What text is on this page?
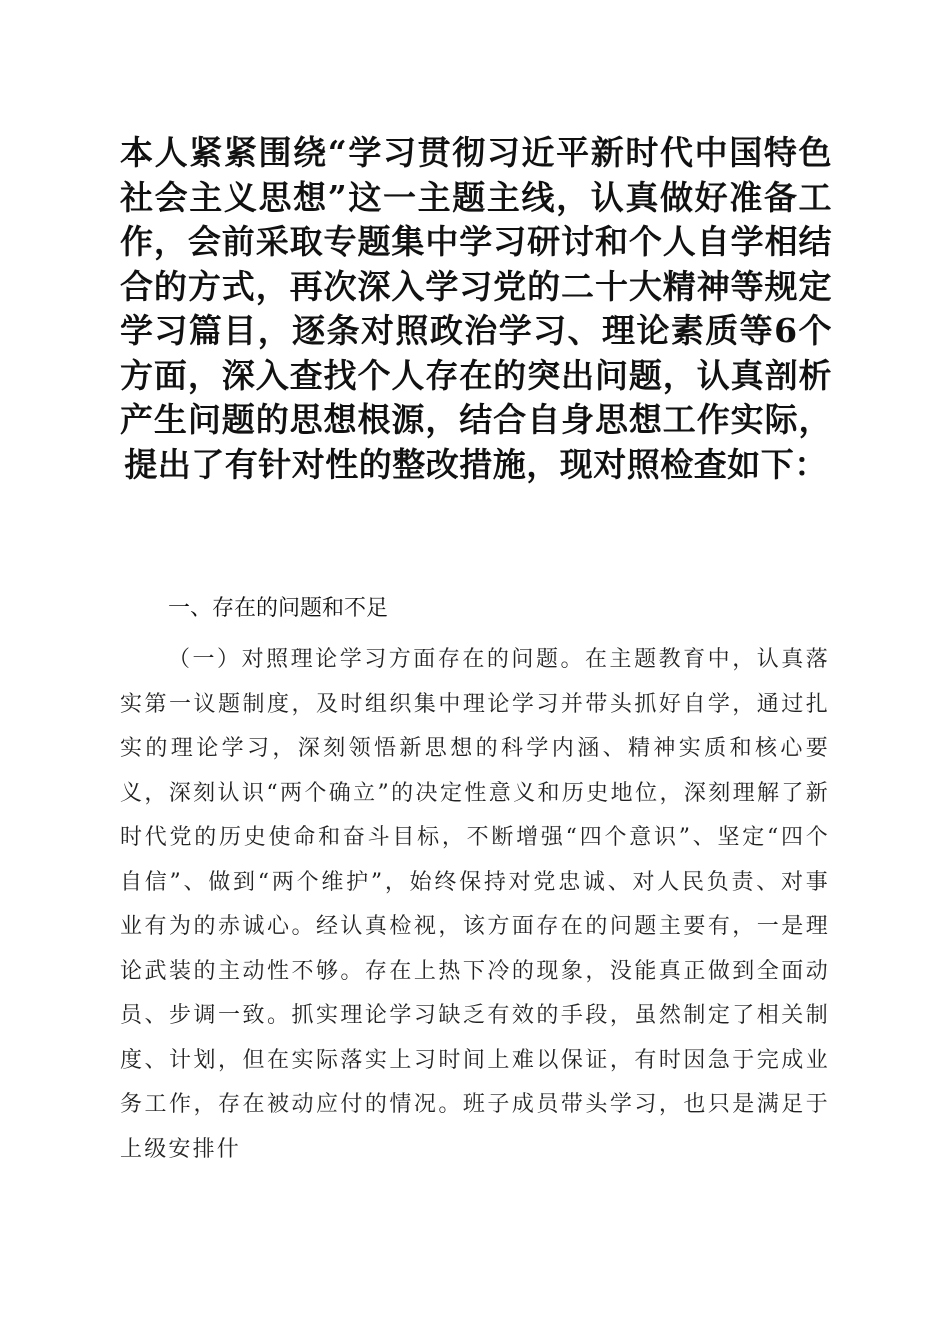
本人紧紧围绕“学习贯彻习近平新时代中国特色社会主义思想”这一主题主线，认真做好准备工作，会前采取专题集中学习研讨和个人自学相结合的方式，再次深入学习党的二十大精神等规定学习篇目，逐条对照政治学习、理论素质等6个方面，深入查找个人存在的突出问题，认真剖析产生问题的思想根源，结合自身思想工作实际，提出了有针对性的整改措施，现对照检查如下：

一、存在的问题和不足

（一）对照理论学习方面存在的问题。在主题教育中，认真落实第一议题制度，及时组织集中理论学习并带头抓好自学，通过扎实的理论学习，深刻领悟新思想的科学内涵、精神实质和核心要义，深刻认识“两个确立”的决定性意义和历史地位，深刻理解了新时代党的历史使命和奋斗目标，不断增强“四个意识”、坚定“四个自信”、做到“两个维护”，始终保持对党忠诚、对人民负责、对事业有为的赤诚心。经认真检视，该方面存在的问题主要有，一是理论武装的主动性不够。存在上热下冷的现象，没能真正做到全面动员、步调一致。抓实理论学习缺乏有效的手段，虽然制定了相关制度、计划，但在实际落实上习时间上难以保证，有时因急于完成业务工作，存在被动应付的情况。班子成员带头学习，也只是满足于上级安排什
